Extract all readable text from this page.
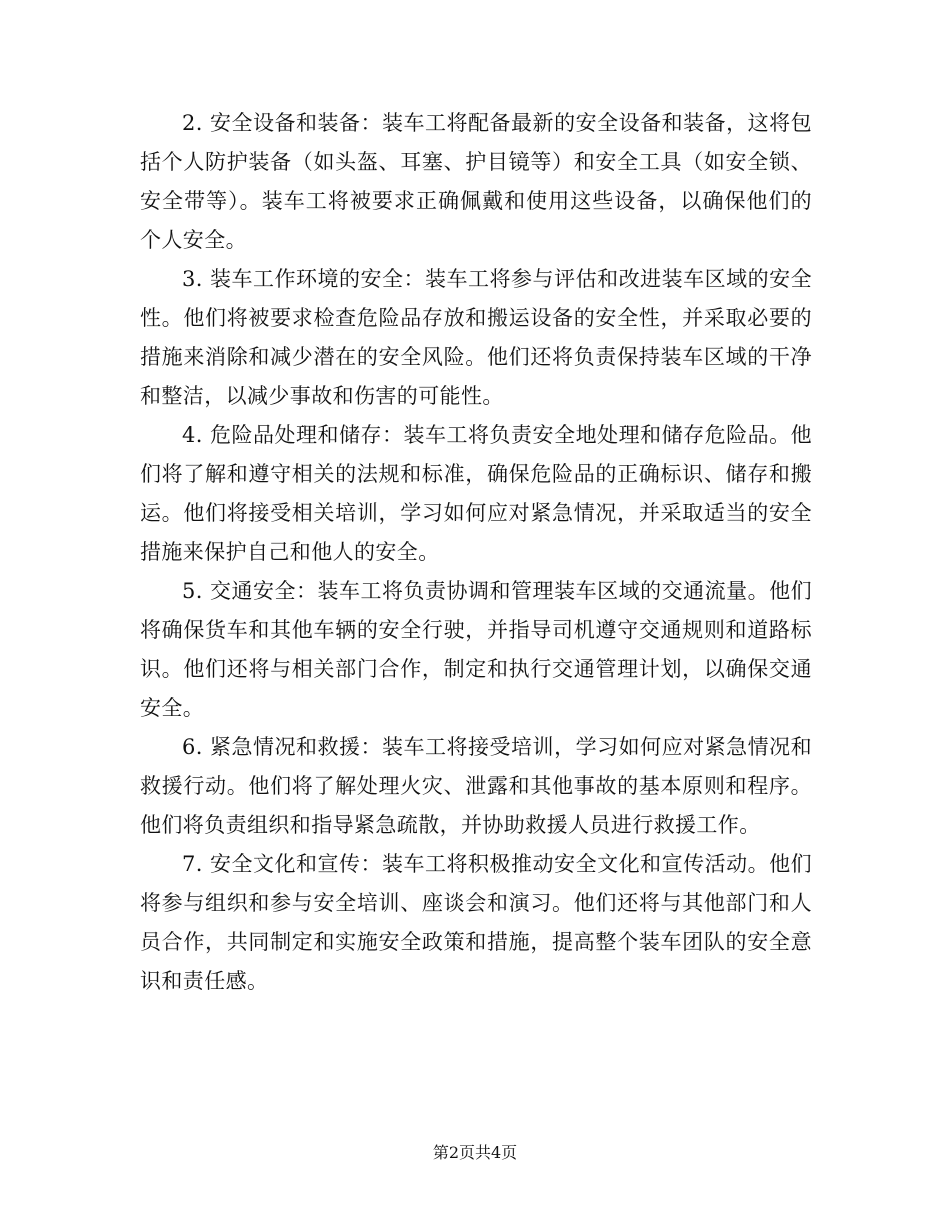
2. 安全设备和装备：装车工将配备最新的安全设备和装备，这将包括个人防护装备（如头盔、耳塞、护目镜等）和安全工具（如安全锁、安全带等）。装车工将被要求正确佩戴和使用这些设备，以确保他们的个人安全。

3. 装车工作环境的安全：装车工将参与评估和改进装车区域的安全性。他们将被要求检查危险品存放和搬运设备的安全性，并采取必要的措施来消除和减少潜在的安全风险。他们还将负责保持装车区域的干净和整洁，以减少事故和伤害的可能性。

4. 危险品处理和储存：装车工将负责安全地处理和储存危险品。他们将了解和遵守相关的法规和标准，确保危险品的正确标识、储存和搬运。他们将接受相关培训，学习如何应对紧急情况，并采取适当的安全措施来保护自己和他人的安全。

5. 交通安全：装车工将负责协调和管理装车区域的交通流量。他们将确保货车和其他车辆的安全行驶，并指导司机遵守交通规则和道路标识。他们还将与相关部门合作，制定和执行交通管理计划，以确保交通安全。

6. 紧急情况和救援：装车工将接受培训，学习如何应对紧急情况和救援行动。他们将了解处理火灾、泄露和其他事故的基本原则和程序。他们将负责组织和指导紧急疏散，并协助救援人员进行救援工作。

7. 安全文化和宣传：装车工将积极推动安全文化和宣传活动。他们将参与组织和参与安全培训、座谈会和演习。他们还将与其他部门和人员合作，共同制定和实施安全政策和措施，提高整个装车团队的安全意识和责任感。

第2页共4页
